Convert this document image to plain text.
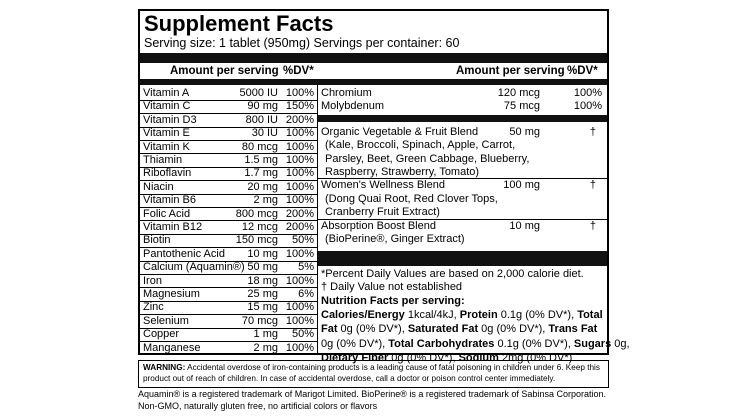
Supplement Facts
Serving size: 1 tablet (950mg) Servings per container: 60
Amount per serving %DV*	Amount per serving %DV*
Vitamin A	5000 IU 100%
Vitamin C	90 mg 150%
Vitamin D3	800 IU 200%
Vitamin E	30 IU 100%
Vitamin K	80 mcg 100%
Thiamin	1.5 mg 100%
Riboflavin	1.7 mg 100%
Niacin	20 mg 100%
Vitamin B6	2 mg 100%
Folic Acid	800 mcg 200%
Vitamin B12	12 mcg 200%
Biotin	150 mcg	50%
Pantothenic Acid	10 mg 100%
Calcium (Aquamin®) 50 mg	5%
Iron	18 mg 100%
Magnesium	25 mg	6%
Zinc	15 mg 100%
Selenium	70 mcg 100%
Copper	1 mg	50%
Manganese	2 mg 100%
Chromium	120 mcg	100%
Molybdenum	75 mcg	100%
Organic Vegetable & Fruit Blend	50 mg	†
(Kale, Broccoli, Spinach, Apple, Carrot,
Parsley, Beet, Green Cabbage, Blueberry,
Raspberry, Strawberry, Tomato)
Women's Wellness Blend	100 mg	†
(Dong Quai Root, Red Clover Tops,
Cranberry Fruit Extract)
Absorption Boost Blend	10 mg	†
(BioPerine®, Ginger Extract)
*Percent Daily Values are based on 2,000 calorie diet.
† Daily Value not established
Nutrition Facts per serving:
Calories/Energy 1kcal/4kJ, Protein 0.1g (0% DV*), Total
Fat 0g (0% DV*), Saturated Fat 0g (0% DV*), Trans Fat
0g (0% DV*), Total Carbohydrates 0.1g (0% DV*), Sugars 0g,
Dietary Fiber 0g (0% DV*), Sodium 2mg (0% DV*)
WARNING: Accidental overdose of iron-containing products is a leading cause of fatal poisoning in children under 6. Keep this product out of reach of children. In case of accidental overdose, call a doctor or poison control center immediately.
Aquamin® is a registered trademark of Marigot Limited. BioPerine® is a registered trademark of Sabinsa Corporation. Non-GMO, naturally gluten free, no artificial colors or flavors
